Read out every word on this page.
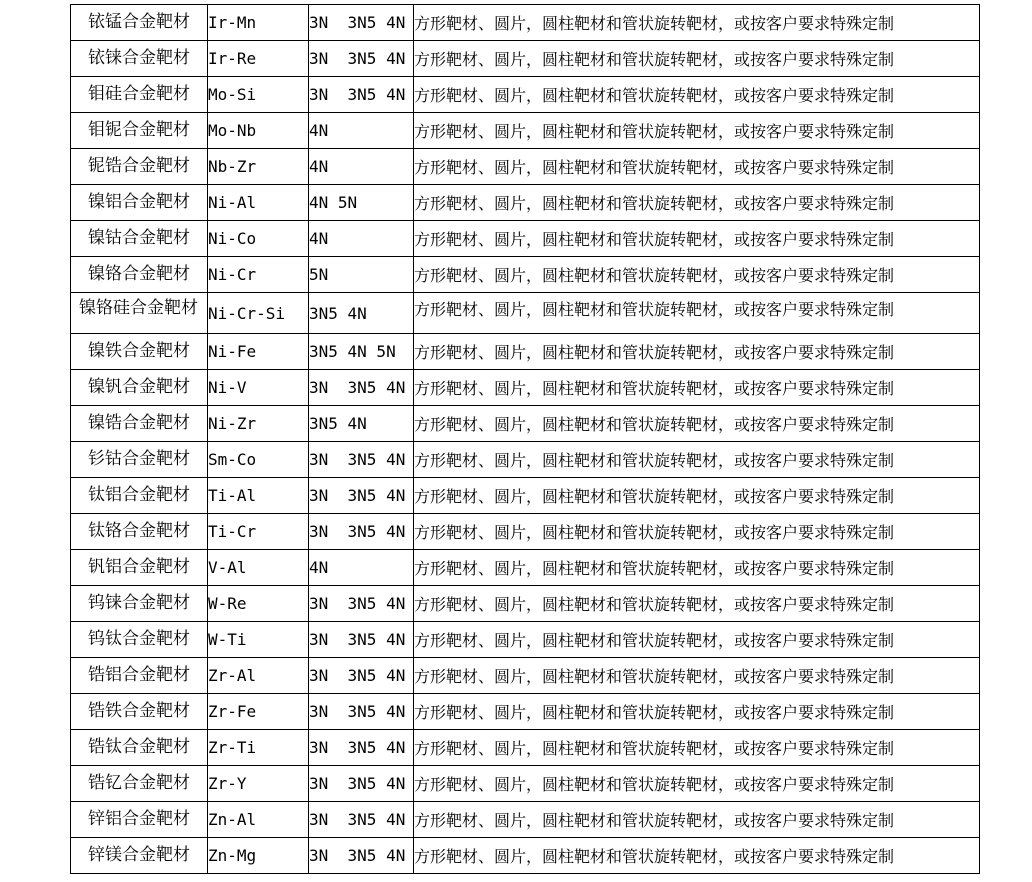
铱锰合金靶材	Ir-Mn	3N  3N5 4N	方形靶材、圆片，圆柱靶材和管状旋转靶材，或按客户要求特殊定制
铱铼合金靶材	Ir-Re	3N  3N5 4N	方形靶材、圆片，圆柱靶材和管状旋转靶材，或按客户要求特殊定制
钼硅合金靶材	Mo-Si	3N  3N5 4N	方形靶材、圆片，圆柱靶材和管状旋转靶材，或按客户要求特殊定制
钼铌合金靶材	Mo-Nb	4N	方形靶材、圆片，圆柱靶材和管状旋转靶材，或按客户要求特殊定制
铌锆合金靶材	Nb-Zr	4N	方形靶材、圆片，圆柱靶材和管状旋转靶材，或按客户要求特殊定制
镍铝合金靶材	Ni-Al	4N 5N	方形靶材、圆片，圆柱靶材和管状旋转靶材，或按客户要求特殊定制
镍钴合金靶材	Ni-Co	4N	方形靶材、圆片，圆柱靶材和管状旋转靶材，或按客户要求特殊定制
镍铬合金靶材	Ni-Cr	5N	方形靶材、圆片，圆柱靶材和管状旋转靶材，或按客户要求特殊定制
镍铬硅合金靶材	Ni-Cr-Si	3N5 4N	方形靶材、圆片，圆柱靶材和管状旋转靶材，或按客户要求特殊定制
镍铁合金靶材	Ni-Fe	3N5 4N 5N	方形靶材、圆片，圆柱靶材和管状旋转靶材，或按客户要求特殊定制
镍钒合金靶材	Ni-V	3N  3N5 4N	方形靶材、圆片，圆柱靶材和管状旋转靶材，或按客户要求特殊定制
镍锆合金靶材	Ni-Zr	3N5 4N	方形靶材、圆片，圆柱靶材和管状旋转靶材，或按客户要求特殊定制
钐钴合金靶材	Sm-Co	3N  3N5 4N	方形靶材、圆片，圆柱靶材和管状旋转靶材，或按客户要求特殊定制
钛铝合金靶材	Ti-Al	3N  3N5 4N	方形靶材、圆片，圆柱靶材和管状旋转靶材，或按客户要求特殊定制
钛铬合金靶材	Ti-Cr	3N  3N5 4N	方形靶材、圆片，圆柱靶材和管状旋转靶材，或按客户要求特殊定制
钒铝合金靶材	V-Al	4N	方形靶材、圆片，圆柱靶材和管状旋转靶材，或按客户要求特殊定制
钨铼合金靶材	W-Re	3N  3N5 4N	方形靶材、圆片，圆柱靶材和管状旋转靶材，或按客户要求特殊定制
钨钛合金靶材	W-Ti	3N  3N5 4N	方形靶材、圆片，圆柱靶材和管状旋转靶材，或按客户要求特殊定制
锆铝合金靶材	Zr-Al	3N  3N5 4N	方形靶材、圆片，圆柱靶材和管状旋转靶材，或按客户要求特殊定制
锆铁合金靶材	Zr-Fe	3N  3N5 4N	方形靶材、圆片，圆柱靶材和管状旋转靶材，或按客户要求特殊定制
锆钛合金靶材	Zr-Ti	3N  3N5 4N	方形靶材、圆片，圆柱靶材和管状旋转靶材，或按客户要求特殊定制
锆钇合金靶材	Zr-Y	3N  3N5 4N	方形靶材、圆片，圆柱靶材和管状旋转靶材，或按客户要求特殊定制
锌铝合金靶材	Zn-Al	3N  3N5 4N	方形靶材、圆片，圆柱靶材和管状旋转靶材，或按客户要求特殊定制
锌镁合金靶材	Zn-Mg	3N  3N5 4N	方形靶材、圆片，圆柱靶材和管状旋转靶材，或按客户要求特殊定制
